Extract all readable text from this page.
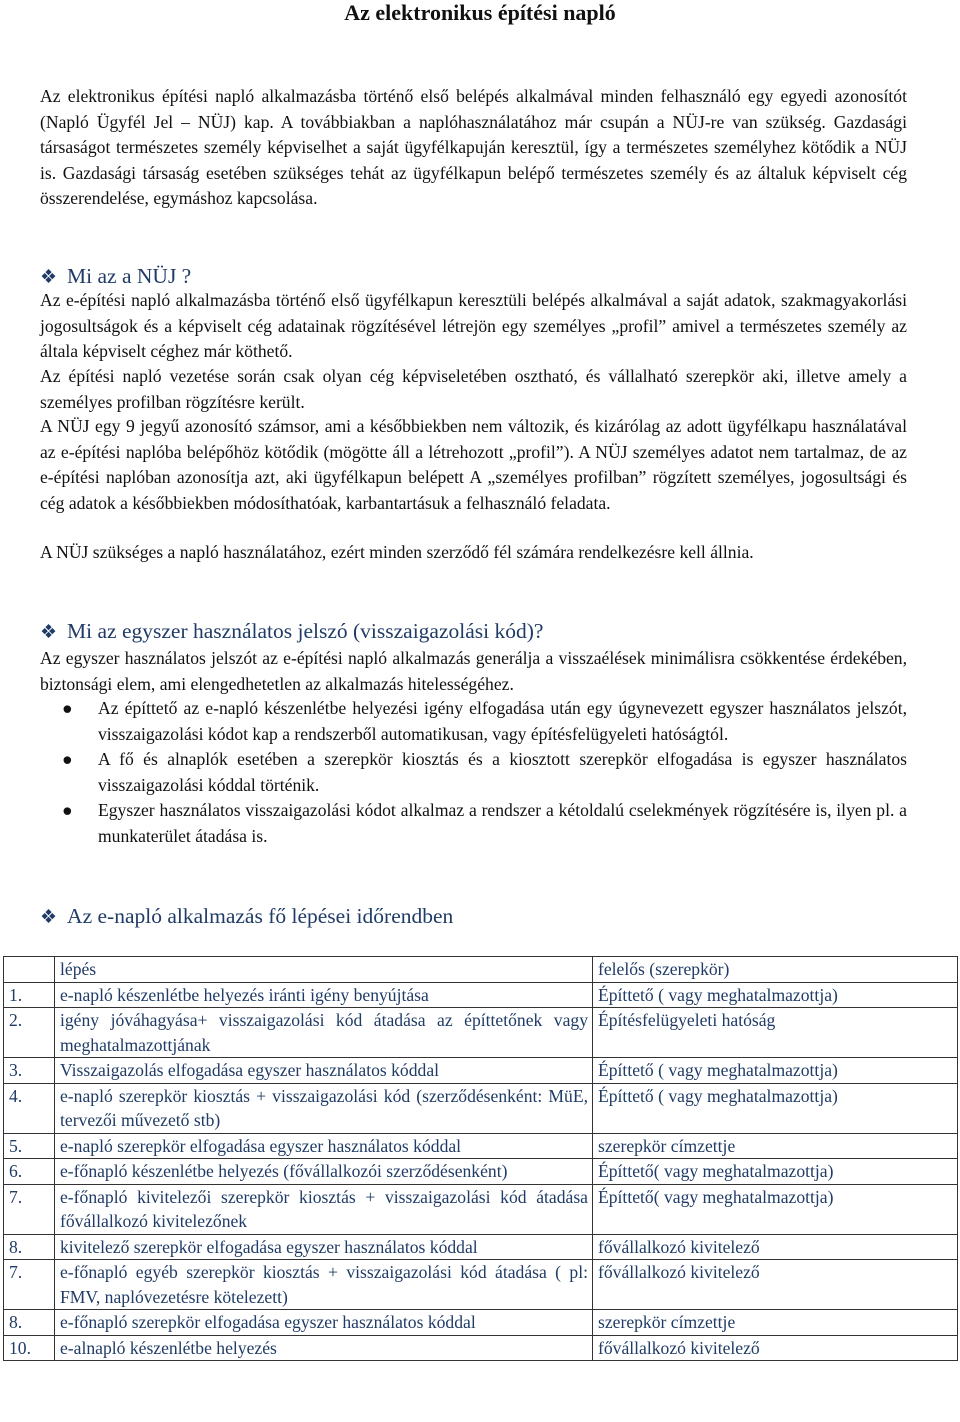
Az elektronikus építési napló
Az elektronikus építési napló alkalmazásba történő első belépés alkalmával minden felhasználó egy egyedi azonosítót (Napló Ügyfél Jel – NÜJ) kap. A továbbiakban a naplóhasználatához már csupán a NÜJ-re van szükség. Gazdasági társaságot természetes személy képviselhet a saját ügyfélkapuján keresztül, így a természetes személyhez kötődik a NÜJ is. Gazdasági társaság esetében szükséges tehát az ügyfélkapun belépő természetes személy és az általuk képviselt cég összerendelése, egymáshoz kapcsolása.
❖ Mi az a NÜJ ?
Az e-építési napló alkalmazásba történő első ügyfélkapun keresztüli belépés alkalmával a saját adatok, szakmagyakorlási jogosultságok és a képviselt cég adatainak rögzítésével létrejön egy személyes „profil” amivel a természetes személy az általa képviselt céghez már köthető.
Az építési napló vezetése során csak olyan cég képviseletében osztható, és vállalható szerepkör aki, illetve amely a személyes profilban rögzítésre került.
A NÜJ egy 9 jegyű azonosító számsor, ami a későbbiekben nem változik, és kizárólag az adott ügyfélkapu használatával az e-építési naplóba belépőhöz kötődik (mögötte áll a létrehozott „profil”). A NÜJ személyes adatot nem tartalmaz, de az e-építési naplóban azonosítja azt, aki ügyfélkapun belépett A „személyes profilban” rögzített személyes, jogosultsági és cég adatok a későbbiekben módosíthatóak, karbantartásuk a felhasználó feladata.
A NÜJ szükséges a napló használatához, ezért minden szerződő fél számára rendelkezésre kell állnia.
❖ Mi az egyszer használatos jelszó (visszaigazolási kód)?
Az egyszer használatos jelszót az e-építési napló alkalmazás generálja a visszaélések minimálisra csökkentése érdekében, biztonsági elem, ami elengedhetetlen az alkalmazás hitelességéhez.
● Az építtető az e-napló készenlétbe helyezési igény elfogadása után egy úgynevezett egyszer használatos jelszót, visszaigazolási kódot kap a rendszerből automatikusan, vagy építésfelügyeleti hatóságtól.
● A fő és alnaplók esetében a szerepkör kiosztás és a kiosztott szerepkör elfogadása is egyszer használatos visszaigazolási kóddal történik.
● Egyszer használatos visszaigazolási kódot alkalmaz a rendszer a kétoldalú cselekmények rögzítésére is, ilyen pl. a munkaterület átadása is.
❖ Az e-napló alkalmazás fő lépései időrendben
	lépés	felelős (szerepkör)
1.	e-napló készenlétbe helyezés iránti igény benyújtása	Építtető ( vagy meghatalmazottja)
2.	igény jóváhagyása+ visszaigazolási kód átadása az építtetőnek vagy meghatalmazottjának	Építésfelügyeleti hatóság
3.	Visszaigazolás elfogadása egyszer használatos kóddal	Építtető ( vagy meghatalmazottja)
4.	e-napló szerepkör kiosztás + visszaigazolási kód (szerződésenként: MüE, tervezői művezető stb)	Építtető ( vagy meghatalmazottja)
5.	e-napló szerepkör elfogadása egyszer használatos kóddal	szerepkör címzettje
6.	e-főnapló készenlétbe helyezés (fővállalkozói szerződésenként)	Építtető( vagy meghatalmazottja)
7.	e-főnapló kivitelezői szerepkör kiosztás + visszaigazolási kód átadása fővállalkozó kivitelezőnek	Építtető( vagy meghatalmazottja)
8.	kivitelező szerepkör elfogadása egyszer használatos kóddal	fővállalkozó kivitelező
7.	e-főnapló egyéb szerepkör kiosztás + visszaigazolási kód átadása ( pl: FMV, naplóvezetésre kötelezett)	fővállalkozó kivitelező
8.	e-főnapló szerepkör elfogadása egyszer használatos kóddal	szerepkör címzettje
10.	e-alnapló készenlétbe helyezés	fővállalkozó kivitelező
